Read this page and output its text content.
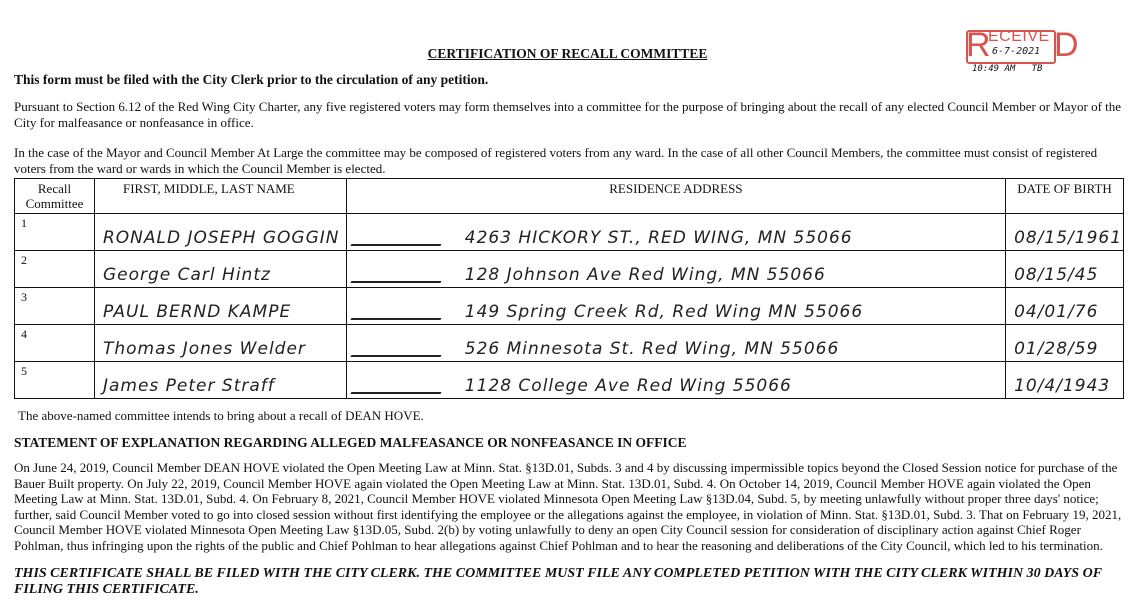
CERTIFICATION OF RECALL COMMITTEE	R
ECEIVE D
6-7-2021
10:49 AM TB
This form must be filed with the City Clerk prior to the circulation of any petition.
Pursuant to Section 6.12 of the Red Wing City Charter, any five registered voters may form themselves into a committee for the purpose of bringing about the recall of any elected Council Member or Mayor of the City for malfeasance or nonfeasance in office.
In the case of the Mayor and Council Member At Large the committee may be composed of registered voters from any ward. In the case of all other Council Members, the committee must consist of registered voters from the ward or wards in which the Council Member is elected.
Recall Committee	FIRST, MIDDLE, LAST NAME	RESIDENCE ADDRESS	DATE OF BIRTH

1	RONALD JOSEPH GOGGIN	4263 HICKORY ST., RED WING, MN 55066	08/15/1961

2	George Carl Hintz	128 Johnson Ave Red Wing, MN 55066	08/15/45

3	PAUL BERND KAMPE	149 Spring Creek Rd, Red Wing MN 55066	04/01/76

4	Thomas Jones Welder	526 Minnesota St. Red Wing, MN 55066	01/28/59

5	James Peter Straff	1128 College Ave Red Wing 55066	10/4/1943
The above-named committee intends to bring about a recall of DEAN HOVE.
STATEMENT OF EXPLANATION REGARDING ALLEGED MALFEASANCE OR NONFEASANCE IN OFFICE
On June 24, 2019, Council Member DEAN HOVE violated the Open Meeting Law at Minn. Stat. §13D.01, Subds. 3 and 4 by discussing impermissible topics beyond the Closed Session notice for purchase of the Bauer Built property. On July 22, 2019, Council Member HOVE again violated the Open Meeting Law at Minn. Stat. 13D.01, Subd. 4. On October 14, 2019, Council Member HOVE again violated the Open Meeting Law at Minn. Stat. 13D.01, Subd. 4. On February 8, 2021, Council Member HOVE violated Minnesota Open Meeting Law §13D.04, Subd. 5, by meeting unlawfully without proper three days' notice; further, said Council Member voted to go into closed session without first identifying the employee or the allegations against the employee, in violation of Minn. Stat. §13D.01, Subd. 3. That on February 19, 2021, Council Member HOVE violated Minnesota Open Meeting Law §13D.05, Subd. 2(b) by voting unlawfully to deny an open City Council session for consideration of disciplinary action against Chief Roger Pohlman, thus infringing upon the rights of the public and Chief Pohlman to hear allegations against Chief Pohlman and to hear the reasoning and deliberations of the City Council, which led to his termination.
THIS CERTIFICATE SHALL BE FILED WITH THE CITY CLERK. THE COMMITTEE MUST FILE ANY COMPLETED PETITION WITH THE CITY CLERK WITHIN 30 DAYS OF FILING THIS CERTIFICATE.
